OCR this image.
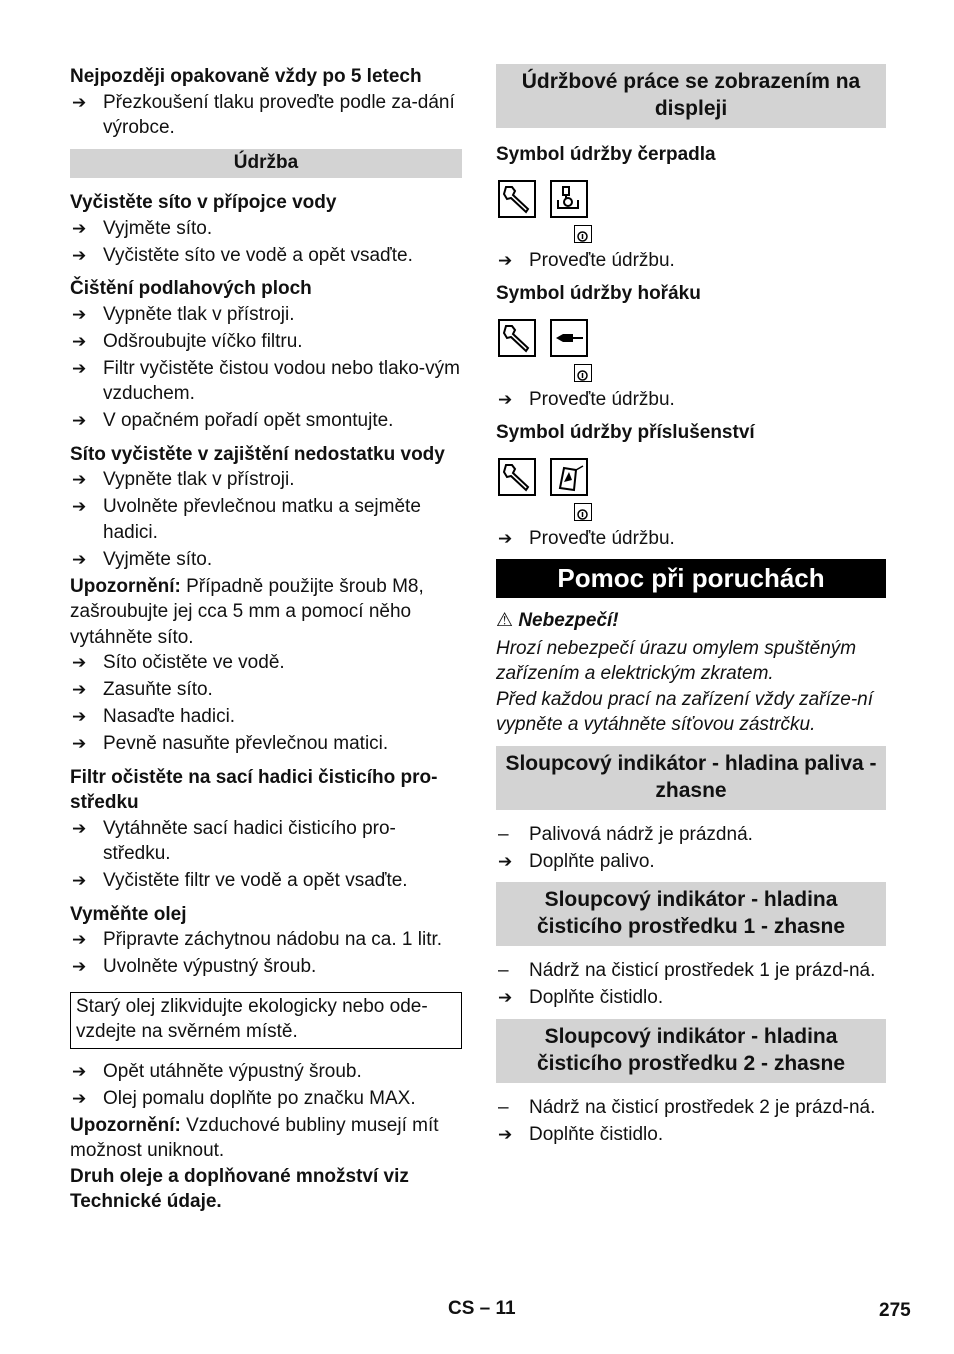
Nejpozději opakovaně vždy po 5 letech

➔ Přezkoušení tlaku proveďte podle za-dání výrobce.
Údržba

Vyčistěte síto v přípojce vody

➔ Vyjměte síto.
➔ Vyčistěte síto ve vodě a opět vsaďte.

Čištění podlahových ploch

➔ Vypněte tlak v přístroji.
➔ Odšroubujte víčko filtru.
➔ Filtr vyčistěte čistou vodou nebo tlako-vým vzduchem.
➔ V opačném pořadí opět smontujte.

Síto vyčistěte v zajištění nedostatku vody

➔ Vypněte tlak v přístroji.
➔ Uvolněte převlečnou matku a sejměte hadici.
➔ Vyjměte síto.

Upozornění: Případně použijte šroub M8, zašroubujte jej cca 5 mm a pomocí něho vytáhněte síto.

➔ Síto očistěte ve vodě.
➔ Zasuňte síto.
➔ Nasaďte hadici.
➔ Pevně nasuňte převlečnou matici.

Filtr očistěte na sací hadici čisticího pro-středku

➔ Vytáhněte sací hadici čisticího pro-středku.
➔ Vyčistěte filtr ve vodě a opět vsaďte.

Vyměňte olej

➔ Připravte záchytnou nádobu na ca. 1 litr.
➔ Uvolněte výpustný šroub.
Starý olej zlikvidujte ekologicky nebo ode-vzdejte na svěrném místě.
➔ Opět utáhněte výpustný šroub.
➔ Olej pomalu doplňte po značku MAX.

Upozornění: Vzduchové bubliny musejí mít možnost uniknout.

Druh oleje a doplňované množství viz Technické údaje.

Údržbové práce se zobrazením na displeji

Symbol údržby čerpadla

➔ Proveďte údržbu.

Symbol údržby hořáku

➔ Proveďte údržbu.

Symbol údržby příslušenství

➔ Proveďte údržbu.
Pomoc při poruchách

⚠ Nebezpečí!

Hrozí nebezpečí úrazu omylem spuštěným zařízením a elektrickým zkratem.

Před každou prací na zařízení vždy zaříze-ní vypněte a vytáhněte síťovou zástrčku.

Sloupcový indikátor - hladina paliva - zhasne
– Palivová nádrž je prázdná.
➔ Doplňte palivo.
Sloupcový indikátor - hladina čisticího prostředku 1 - zhasne
– Nádrž na čisticí prostředek 1 je prázd-ná.
➔ Doplňte čistidlo.
Sloupcový indikátor - hladina čisticího prostředku 2 - zhasne
– Nádrž na čisticí prostředek 2 je prázd-ná.
➔ Doplňte čistidlo.
CS – 11	275
